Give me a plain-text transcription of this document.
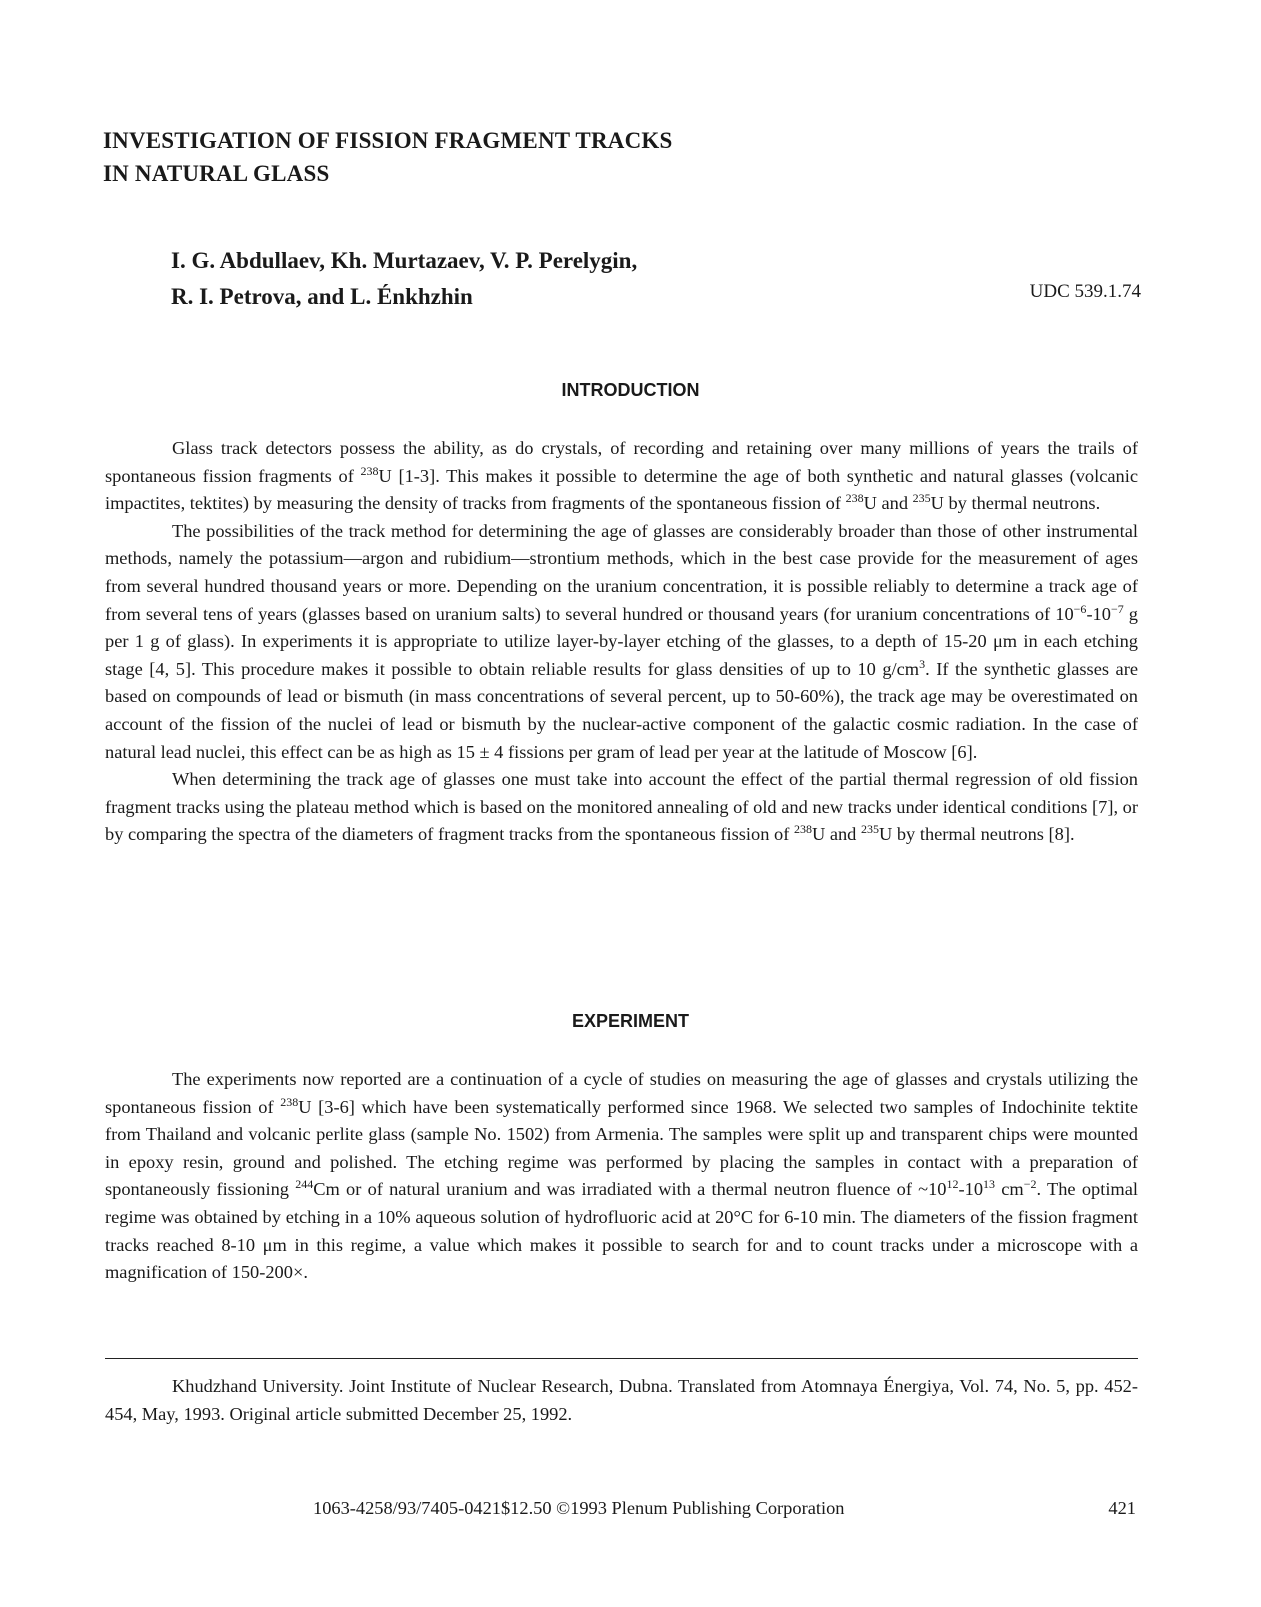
INVESTIGATION OF FISSION FRAGMENT TRACKS
IN NATURAL GLASS
I. G. Abdullaev, Kh. Murtazaev, V. P. Perelygin,
R. I. Petrova, and L. Énkhzhin	UDC 539.1.74
INTRODUCTION

Glass track detectors possess the ability, as do crystals, of recording and retaining over many millions of years the trails of spontaneous fission fragments of $^{238}$U [1-3]. This makes it possible to determine the age of both synthetic and natural glasses (volcanic impactites, tektites) by measuring the density of tracks from fragments of the spontaneous fission of $^{238}$U and $^{235}$U by thermal neutrons.

The possibilities of the track method for determining the age of glasses are considerably broader than those of other instrumental methods, namely the potassium—argon and rubidium—strontium methods, which in the best case provide for the measurement of ages from several hundred thousand years or more. Depending on the uranium concentration, it is possible reliably to determine a track age of from several tens of years (glasses based on uranium salts) to several hundred or thousand years (for uranium concentrations of $10^{-6}-10^{-7}$ g per 1 g of glass). In experiments it is appropriate to utilize layer-by-layer etching of the glasses, to a depth of 15-20 μm in each etching stage [4, 5]. This procedure makes it possible to obtain reliable results for glass densities of up to 10 $g/cm^3$. If the synthetic glasses are based on compounds of lead or bismuth (in mass concentrations of several percent, up to 50-60%), the track age may be overestimated on account of the fission of the nuclei of lead or bismuth by the nuclear-active component of the galactic cosmic radiation. In the case of natural lead nuclei, this effect can be as high as 15 ± 4 fissions per gram of lead per year at the latitude of Moscow [6].

When determining the track age of glasses one must take into account the effect of the partial thermal regression of old fission fragment tracks using the plateau method which is based on the monitored annealing of old and new tracks under identical conditions [7], or by comparing the spectra of the diameters of fragment tracks from the spontaneous fission of $^{238}$U and $^{235}$U by thermal neutrons [8].

EXPERIMENT

The experiments now reported are a continuation of a cycle of studies on measuring the age of glasses and crystals utilizing the spontaneous fission of $^{238}$U [3-6] which have been systematically performed since 1968. We selected two samples of Indochinite tektite from Thailand and volcanic perlite glass (sample No. 1502) from Armenia. The samples were split up and transparent chips were mounted in epoxy resin, ground and polished. The etching regime was performed by placing the samples in contact with a preparation of spontaneously fissioning $^{244}$Cm or of natural uranium and was irradiated with a thermal neutron fluence of $\sim 10^{12}-10^{13}$ $cm^{-2}$. The optimal regime was obtained by etching in a 10% aqueous solution of hydrofluoric acid at 20°C for 6-10 min. The diameters of the fission fragment tracks reached 8-10 μm in this regime, a value which makes it possible to search for and to count tracks under a microscope with a magnification of 150-200×.

Khudzhand University. Joint Institute of Nuclear Research, Dubna. Translated from Atomnaya Énergiya, Vol. 74, No. 5, pp. 452-454, May, 1993. Original article submitted December 25, 1992.

1063-4258/93/7405-0421$12.50 ©1993 Plenum Publishing Corporation	421
